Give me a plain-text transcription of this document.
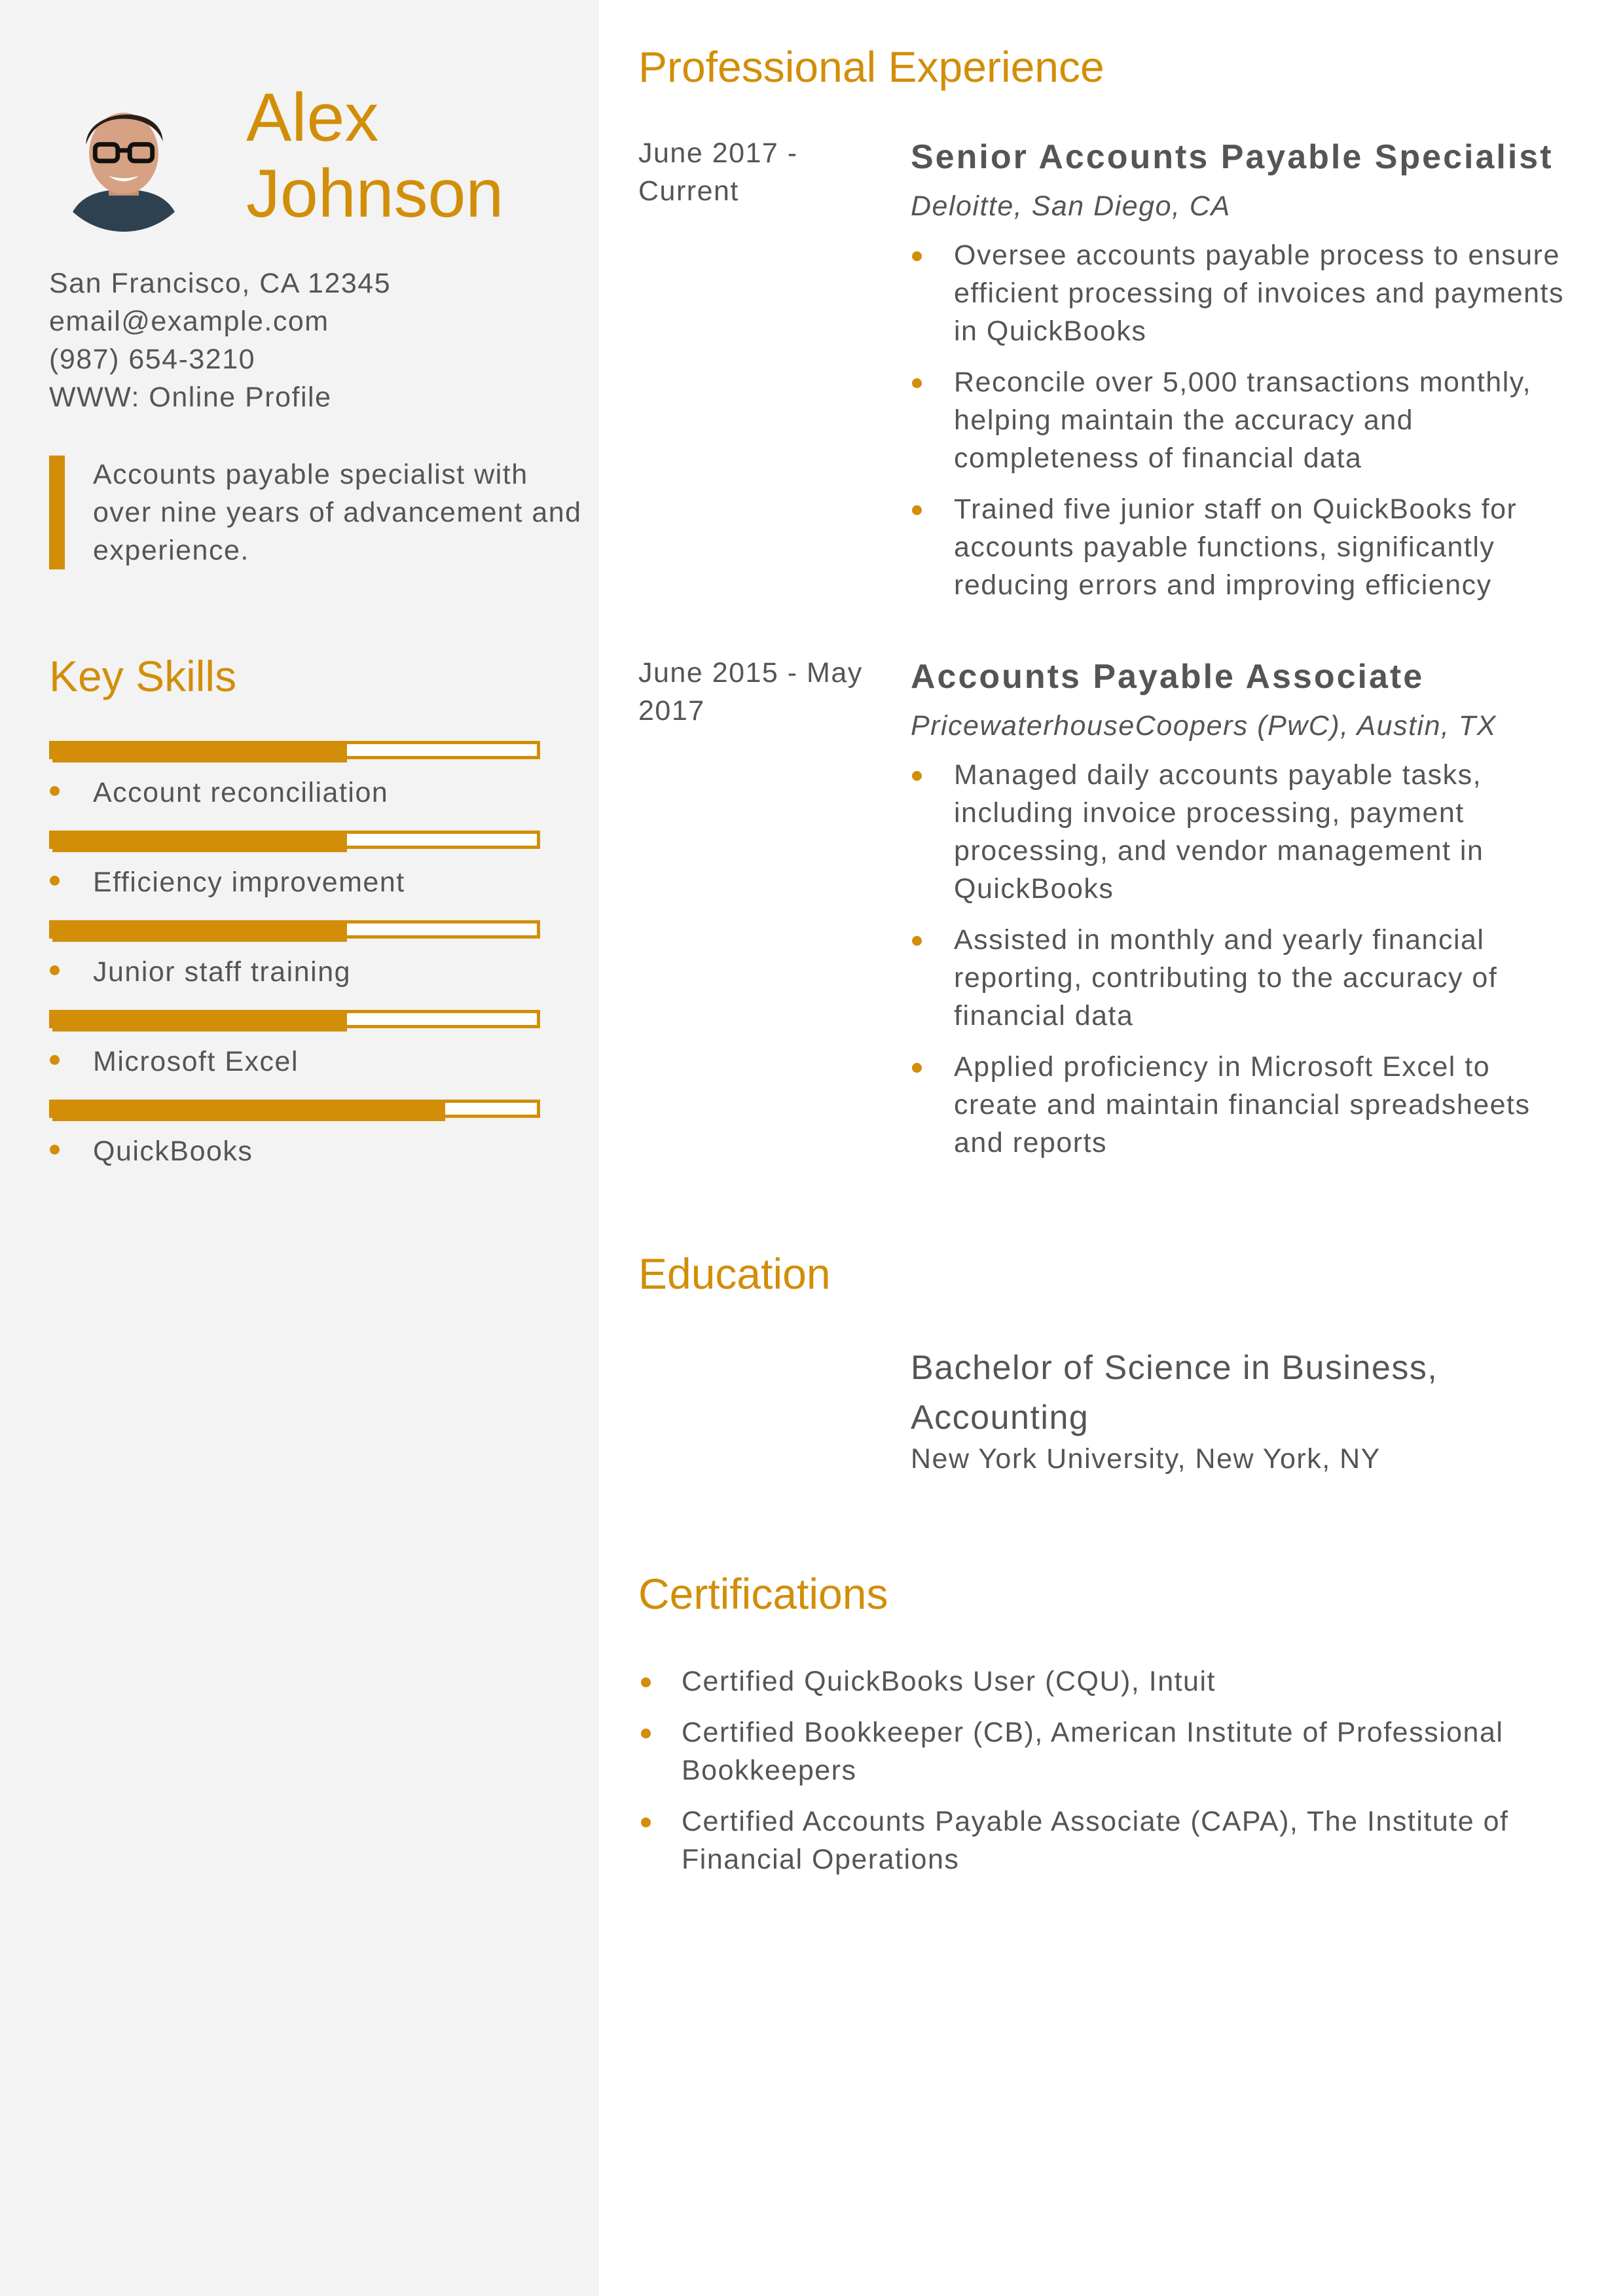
Alex
Johnson
San Francisco, CA 12345
email@example.com
(987) 654-3210
WWW: Online Profile
Accounts payable specialist with over nine years of advancement and experience.
Key Skills
Account reconciliation
Efficiency improvement
Junior staff training
Microsoft Excel
QuickBooks
Professional Experience
June 2017 - Current
Senior Accounts Payable Specialist
Deloitte, San Diego, CA
Oversee accounts payable process to ensure efficient processing of invoices and payments in QuickBooks
Reconcile over 5,000 transactions monthly, helping maintain the accuracy and completeness of financial data
Trained five junior staff on QuickBooks for accounts payable functions, significantly reducing errors and improving efficiency
June 2015 - May 2017
Accounts Payable Associate
PricewaterhouseCoopers (PwC), Austin, TX
Managed daily accounts payable tasks, including invoice processing, payment processing, and vendor management in QuickBooks
Assisted in monthly and yearly financial reporting, contributing to the accuracy of financial data
Applied proficiency in Microsoft Excel to create and maintain financial spreadsheets and reports
Education
Bachelor of Science in Business, Accounting
New York University, New York, NY
Certifications
Certified QuickBooks User (CQU), Intuit
Certified Bookkeeper (CB), American Institute of Professional Bookkeepers
Certified Accounts Payable Associate (CAPA), The Institute of Financial Operations
